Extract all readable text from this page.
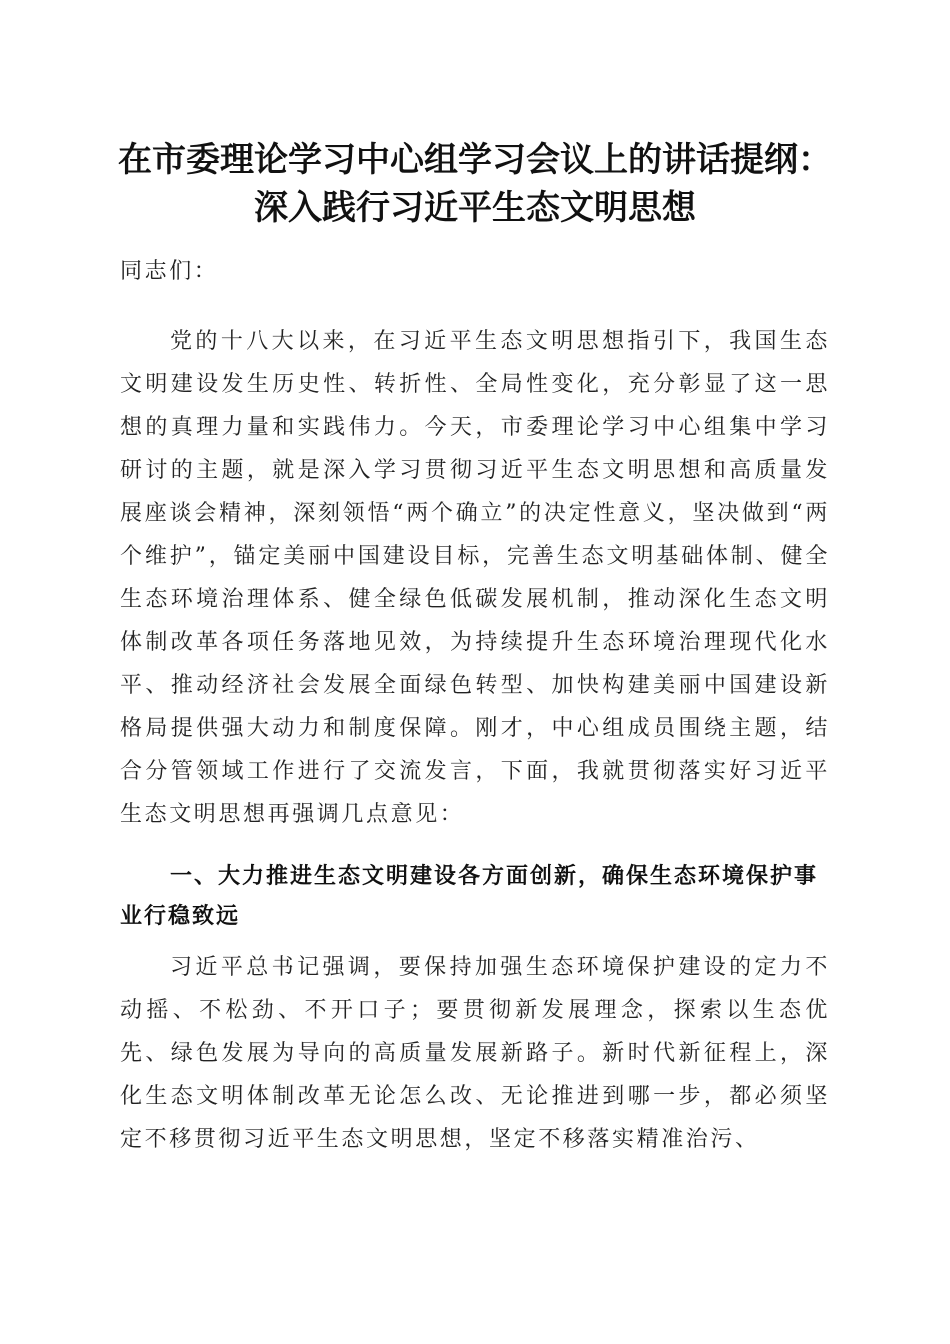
在市委理论学习中心组学习会议上的讲话提纲：
深入践行习近平生态文明思想

同志们：

党的十八大以来，在习近平生态文明思想指引下，我国生态文明建设发生历史性、转折性、全局性变化，充分彰显了这一思想的真理力量和实践伟力。今天，市委理论学习中心组集中学习研讨的主题，就是深入学习贯彻习近平生态文明思想和高质量发展座谈会精神，深刻领悟“两个确立”的决定性意义，坚决做到“两个维护”，锚定美丽中国建设目标，完善生态文明基础体制、健全生态环境治理体系、健全绿色低碳发展机制，推动深化生态文明体制改革各项任务落地见效，为持续提升生态环境治理现代化水平、推动经济社会发展全面绿色转型、加快构建美丽中国建设新格局提供强大动力和制度保障。刚才，中心组成员围绕主题，结合分管领域工作进行了交流发言，下面，我就贯彻落实好习近平生态文明思想再强调几点意见：

一、大力推进生态文明建设各方面创新，确保生态环境保护事业行稳致远

习近平总书记强调，要保持加强生态环境保护建设的定力不动摇、不松劲、不开口子；要贯彻新发展理念，探索以生态优先、绿色发展为导向的高质量发展新路子。新时代新征程上，深化生态文明体制改革无论怎么改、无论推进到哪一步，都必须坚定不移贯彻习近平生态文明思想，坚定不移落实精准治污、
